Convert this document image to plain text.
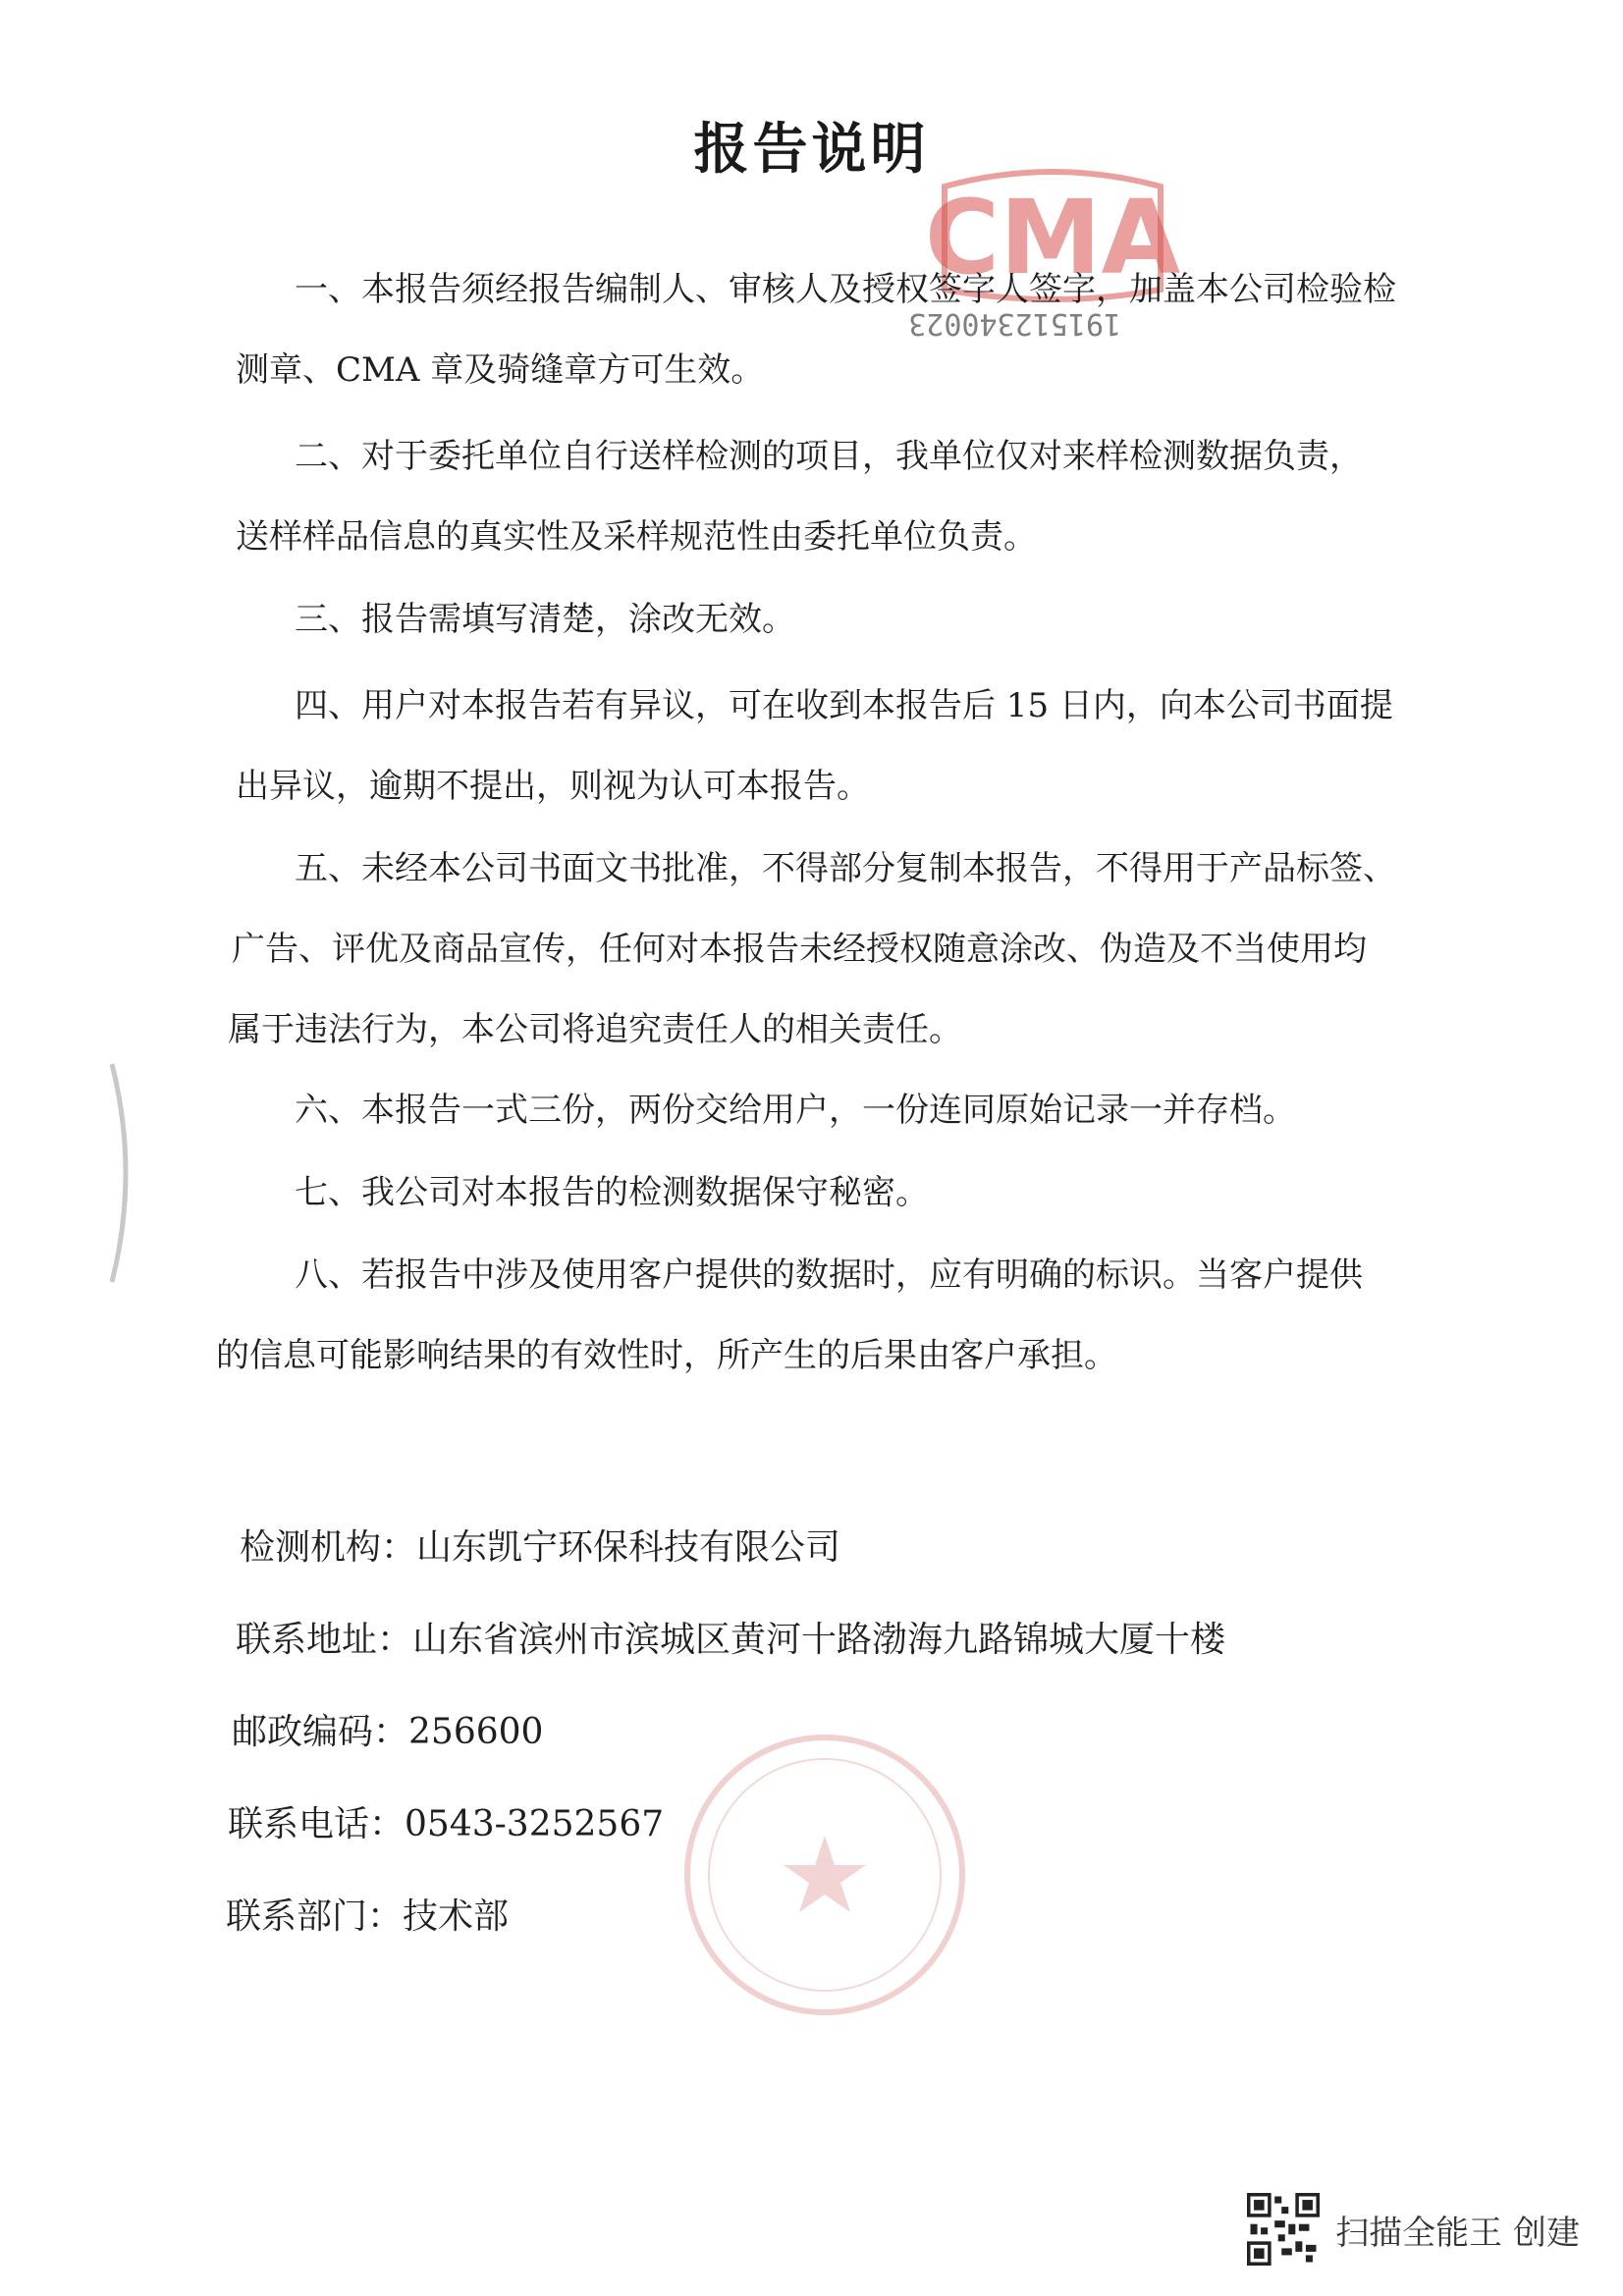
CMA
191512340023
报告说明
一、本报告须经报告编制人、审核人及授权签字人签字，加盖本公司检验检
测章、CMA 章及骑缝章方可生效。
二、对于委托单位自行送样检测的项目，我单位仅对来样检测数据负责，
送样样品信息的真实性及采样规范性由委托单位负责。
三、报告需填写清楚，涂改无效。
四、用户对本报告若有异议，可在收到本报告后 15 日内，向本公司书面提
出异议，逾期不提出，则视为认可本报告。
五、未经本公司书面文书批准，不得部分复制本报告，不得用于产品标签、
广告、评优及商品宣传，任何对本报告未经授权随意涂改、伪造及不当使用均
属于违法行为，本公司将追究责任人的相关责任。
六、本报告一式三份，两份交给用户，一份连同原始记录一并存档。
七、我公司对本报告的检测数据保守秘密。
八、若报告中涉及使用客户提供的数据时，应有明确的标识。当客户提供
的信息可能影响结果的有效性时，所产生的后果由客户承担。
检测机构：山东凯宁环保科技有限公司
联系地址：山东省滨州市滨城区黄河十路渤海九路锦城大厦十楼
邮政编码：256600
联系电话：0543-3252567
联系部门：技术部
扫描全能王 创建
